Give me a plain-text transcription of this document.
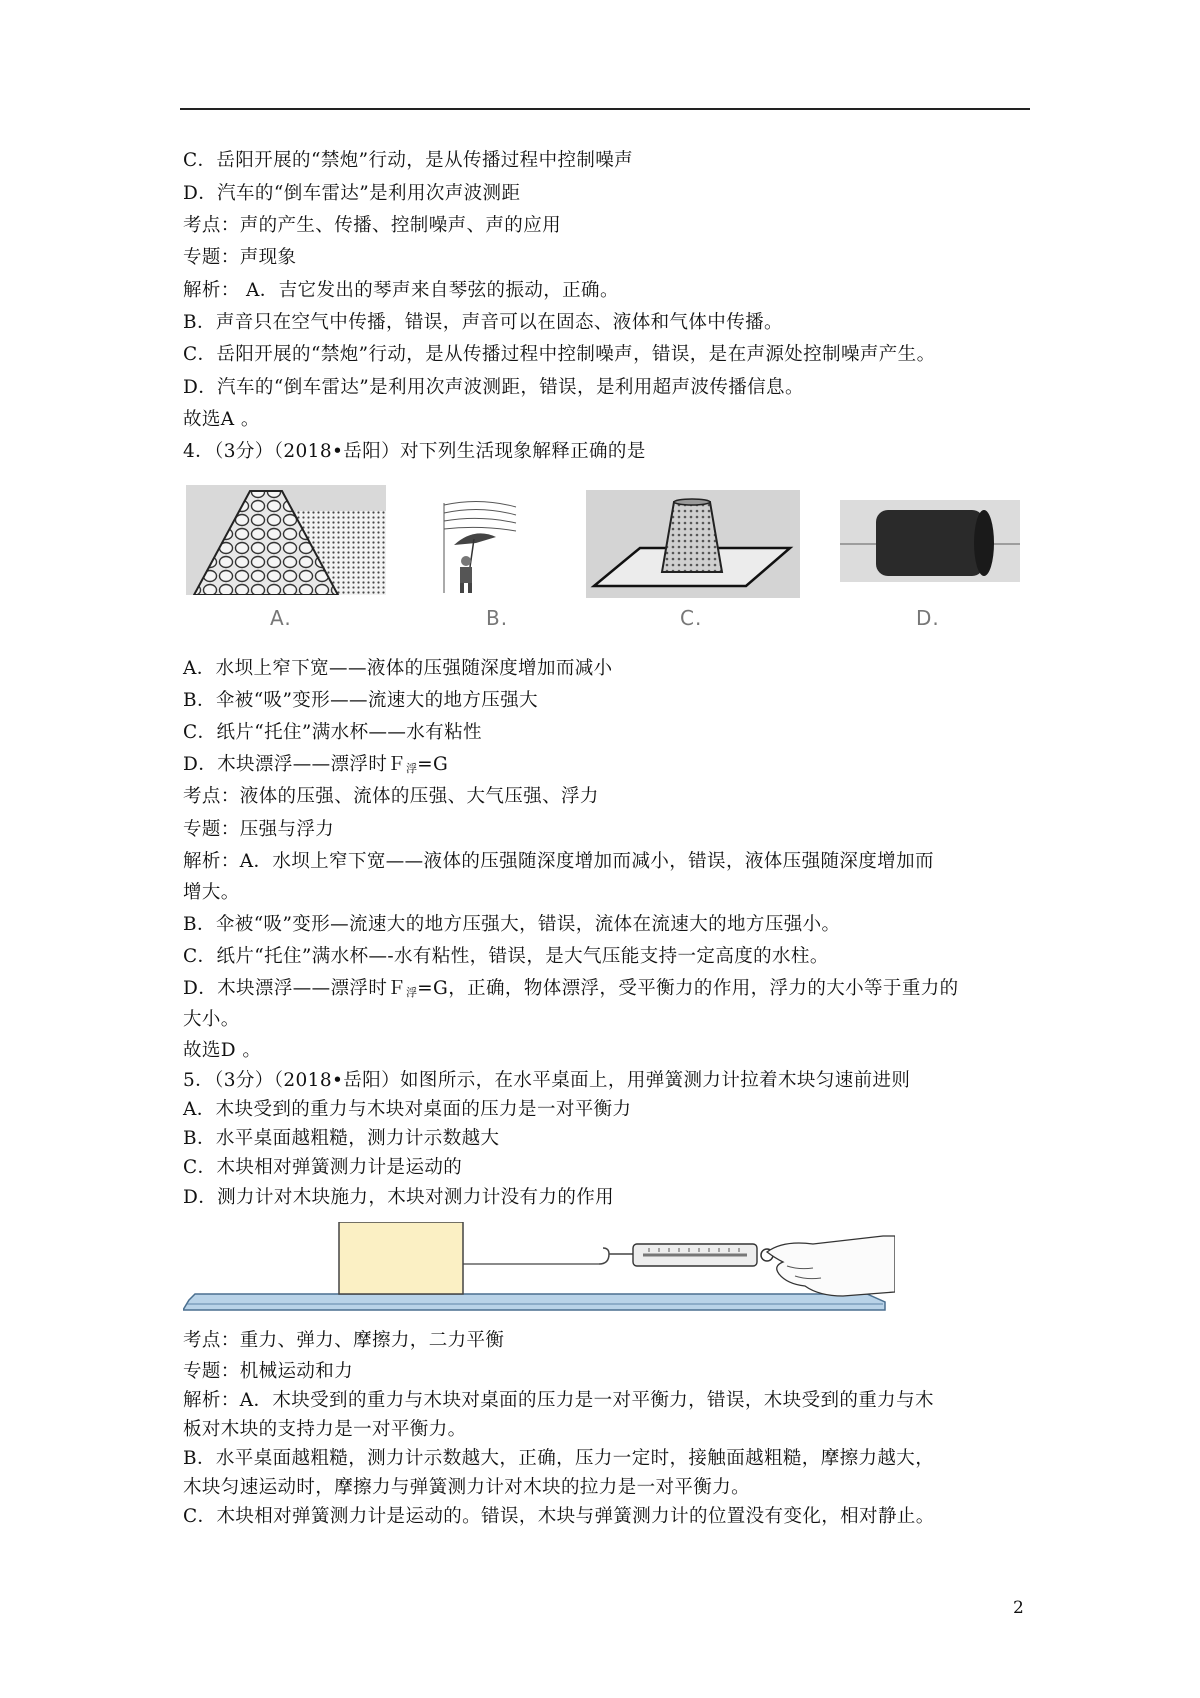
C．岳阳开展的“禁炮”行动，是从传播过程中控制噪声
D．汽车的“倒车雷达”是利用次声波测距
考点：声的产生、传播、控制噪声、声的应用
专题：声现象
解析： A．吉它发出的琴声来自琴弦的振动，正确。
B．声音只在空气中传播，错误，声音可以在固态、液体和气体中传播。
C．岳阳开展的“禁炮”行动，是从传播过程中控制噪声，错误，是在声源处控制噪声产生。
D．汽车的“倒车雷达”是利用次声波测距，错误，是利用超声波传播信息。
故选A 。
4．（3分）（2018•岳阳）对下列生活现象解释正确的是
A.	B.	C.	D.
A．水坝上窄下宽——液体的压强随深度增加而减小
B．伞被“吸”变形——流速大的地方压强大
C．纸片“托住”满水杯——水有粘性
D．木块漂浮——漂浮时Ｆ浮=G
考点：液体的压强、流体的压强、大气压强、浮力
专题：压强与浮力
解析：A．水坝上窄下宽——液体的压强随深度增加而减小，错误，液体压强随深度增加而
增大。
B．伞被“吸”变形—流速大的地方压强大，错误，流体在流速大的地方压强小。
C．纸片“托住”满水杯—-水有粘性，错误，是大气压能支持一定高度的水柱。
D．木块漂浮——漂浮时Ｆ浮=G，正确，物体漂浮，受平衡力的作用，浮力的大小等于重力的
大小。
故选D 。
5．（3分）（2018•岳阳）如图所示，在水平桌面上，用弹簧测力计拉着木块匀速前进则
A．木块受到的重力与木块对桌面的压力是一对平衡力
B．水平桌面越粗糙，测力计示数越大
C．木块相对弹簧测力计是运动的
D．测力计对木块施力，木块对测力计没有力的作用
考点：重力、弹力、摩擦力，二力平衡
专题：机械运动和力
解析：A．木块受到的重力与木块对桌面的压力是一对平衡力，错误，木块受到的重力与木
板对木块的支持力是一对平衡力。
B．水平桌面越粗糙，测力计示数越大，正确，压力一定时，接触面越粗糙，摩擦力越大，
木块匀速运动时，摩擦力与弹簧测力计对木块的拉力是一对平衡力。
C．木块相对弹簧测力计是运动的。错误，木块与弹簧测力计的位置没有变化，相对静止。
2
